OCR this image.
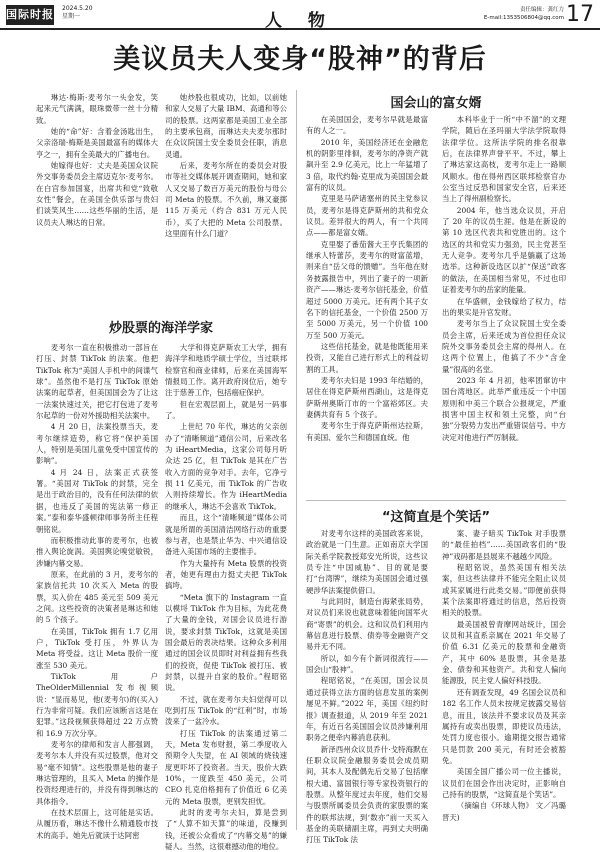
国际时报 2024.5.20
星期一	人 物
责任编辑：龚红力
E-mail:1353506804@qq.com 17
美议员夫人变身“股神”的背后
炒股票的海洋学家
国会山的富女婿
“这简直是个笑话”

琳达·梅斯·麦考尔一头金发，笑起来元气满满，眼珠微带一丝十分精致。

她的“命”好：含着金汤匙出生，父亲洛瑞·梅斯是美国最富有的媒体大亨之一，拥有全美最大的广播电台。

她嫁得也好：丈夫是美国众议院外交事务委员会主席迈克尔·麦考尔。在白宫参加国宴，出席共和党“致敬女性”餐会，在美国全供乐部与贵妇们谈笑风生……这些华丽的生活，是议员夫人琳达的日常。

她炒股也很成功，比如，以前她和家人交易了大量 IBM、高通和等公司的股票。这两家都是美国工业全部的主要承包商，而琳达夫夫麦尔那时在众议院国土安全委员会任职，消息灵通。

后来，麦考尔所在的委员会对股市等社交媒体展开调查期间，她和家人又交易了数百万美元的股份与母公司 Meta 的股票。不久前，琳又豪掷 115 万美元（约合 831 万元人民币），买了大把的 Meta 公司股票。这里面有什么门道？

麦考尔一直在积极推动一部旨在打压、封禁 TikTok 的法案。他把 TikTok 称为“美国人手机中的间谍气球”。虽然他不是打压 TikTok 原始法案的起草者，但美国国会为了让这一法案快速过关，把它打包进了麦考尔起草的一份对外援助相关法案中。

4 月 20 日，法案投票当天，麦考尔继续造势，称它将“保护美国人，特别是美国儿童免受中国宣传的影响”。

4 月 24 日，法案正式获签署。“美国对 TikTok 的封禁，完全是出于政治目的，没有任何法律的依据，也违反了美国的宪法第一修正案。”泰和泰华盛顿律师事务所主任程朝铭说。

而积极推动此事的麦考尔，也被推入舆论旋涡。美国舆论嗅觉敏锐，涉嫌内幕交易。

原来，在此前的 3 月，麦考尔的家族信托共 10 次买入 Meta 的股票，买入价在 485 美元至 509 美元之间。这些投资的决策者是琳达和她的 5 个孩子。

在美国，TikTok 拥有 1.7 亿用户，TikTok 受打压，外界认为 Meta 将受益。这让 Meta 股价一度涨至 530 美元。

TikTok 用户 TheOlderMillennial 发布视频说：“显而易见，他(麦考尔)的(买入)行为非常可疑。我们应该断言这是在犯罪。”这段视频获得超过 22 万点赞和 16.9 万次分享。

麦考尔的律师和发言人都强调，麦考尔本人并没有买过股票，他对交易“毫不知情”。这些股票是他的妻子琳达管理的，且买入 Meta 的操作是投资经理进行的，并没有得到琳达的具体指令。

在技术层面上，这可能是实话。从履历看，琳达不像什么精通股市技术的高手。她先后就读于达阿密

大学和得克萨斯农工大学，拥有海洋学和地质学硕士学位，当过联邦检察官和商业律师，后来在美国海军情报局工作。离开政府岗位后，她专注于慈善工作，包括癌症保护。

但在宏观层面上，就是另一码事了。

上世纪 70 年代，琳达的父亲创办了“清晰频道”通信公司，后来改名为 iHeartMedia，这家公司每月听众达 25 亿，但 TikTok 是其在广告收入方面的竞争对手。去年，它净亏损 11 亿美元，而 TikTok 的广告收入则持续增长。作为 iHeartMedia 的继承人，琳达不会喜欢 TikTok。

而且，这个“清晰频道”媒体公司就是所谓的美国清洁网络行动的重要参与者，也是禁止华为、中兴通信设备进入美国市场的主要推手。

作为大量持有 Meta 股票的投资者，她更有理由力挺丈夫把 TikTok 搞垮。

“Meta 旗下的 Instagram 一直以模埒 TikTok 作为目标，为此花费了大量的金钱，对国会议员进行游说，要求封禁 TikTok，这就是美国国会最后的表决结果。这种众多利用通过的国会议员即时对利益拥有些我们的投资，促使 TikTok 被打压、被封禁，以提升自家的股价。”程昭铭说。

不过，就在麦考尔夫妇觉得可以吃到打压 TikTok 的“红利”时，市场泼来了一盆冷水。

打压 TikTok 的法案通过第二天，Meta 发布财报，第二季度收入预期令人失望，在 AI 领域的烧钱速度更吓坏了投资者。当天，股价大跌 10%，一度跌至 450 美元，公司 CEO 扎克伯格拥有了价值近 6 亿美元的 Meta 股票，更别发担忧。

此时的麦考尔夫妇，算是尝到了“人算不如天算”的味道，没赚到钱，还被公众看成了“内幕交易”的嫌疑人。当然，这很难撼动他的地位。

在美国国会，麦考尔早就是最富有的人之一。

2010 年，美国经济还在金融危机的阴影里徘徊，麦考尔的净资产就飙升至 2.9 亿美元，比上一年猛增了 3 倍，取代约翰·克里成为美国国会最富有的议员。

克里是马萨诸塞州的民主党参议员，麦考尔是得克萨斯州的共和党众议员。差异很大的两人，有一个共同点——都是富女婿。

克里娶了番茄酱大王亨氏集团的继承人特蕾莎，麦考尔的财富蓝增，则来自“岳父母的馈赠”。当年他在财务披露报告中，列出了妻子的一项新资产——琳达·麦考尔信托基金，价值超过 5000 万美元。还有两个其子女名下的信托基金，一个价值 2500 万至 5000 万美元，另一个价值 100 万至 500 万美元。

这些信托基金，就是他既能用来投资，又能自己进行形式上的利益切割的工具。

麦考尔夫妇是 1993 年结婚的，居住在得克萨斯州西湖山，这是得克萨斯州奥斯汀市的一个富裕郊区。夫妻俩共育有 5 个孩子。

麦考尔生于得克萨斯州达拉斯，有美国、爱尔兰和德国血统。他

本科毕业于一所“中不溜”的文理学院，随后在圣玛丽大学法学院取得法律学位。这所法学院的排名很靠后，在法律界声誉平平。不过，攀上了琳达家这高枝，麦考尔走上一路顺风顺水。他在得州西区联邦检察官办公室当过反恐和国家安全官，后来还当上了得州副检察长。

2004 年，他当选众议员，开启了 20 年的议员生涯。他是在新设的第 10 选区代表共和党胜出的。这个选区的共和党实力强劲，民主党甚至无人竞争。麦考尔几乎是躺赢了这场选举。这种新设选区以扩“保送”政客的做法，在美国相当常见，不过也印证着麦考尔的岳家的能量。

在华盛顿，金钱嫁给了权力，结出的果实是升官发财。

麦考尔当上了众议院国土安全委员会主席，后来还成为首位担任众议院外交事务委员会主席的得州人。在这两个位置上，他搞了不少“含金量”很高的名堂。

2023 年 4 月初，他率团窜访中国台湾地区。此举严重违反一个中国原则和中美三个联合公报规定，严重损害中国主权和领土完整，向“台独”分裂势力发出严重错误信号。中方决定对他进行严厉制裁。

对麦考尔这样的美国政客来说，政治就是一门生意。正如南京大学国际关系学院教授郑安光所说，这些议员专注“中国威胁”、目的就是要打“台湾牌”，继续为美国国会通过强硬涉华法案提供借口。

与此同时，制造台海紧张局势，对议员们来说也就意味着能向国军火商“寄票”的机会。这和议员们利用内幕信息进行股票、债券等金融资产交易并无不同。

所以，如今有个新词很流行——国会山“股神”。

程昭铭说，“在美国，国会议员通过获得立法方面的信息发虽的案例屡见不鲜。”2022 年，美国《纽约时报》调查报道，从 2019 年至 2021 年，有近百名美国国会议员涉嫌利用职务之便牵内幕消息获利。

新泽西州众议员乔什·戈特海默在任职众议院金融服务委员会成员期间，其本人及配偶先后交易了包括摩根大通、富国银行等专家投资银行的股票。从整年度过去年度，他们交易与股票所属委员会负责的家股票的案件的联邦法规，到‘数亦”前一天买入基金的美联储副主席，再到丈夫明确打压 TikTok 法

案、妻子暗买 TikTok 对手股票的“最佳拍档”……美国政客们的“股神”戏码都是县展来不越越少风险。

程昭铭说，虽然美国有相关法案，但这些法律并不能完全阻止议员或其家属进行此类交易。”即便前获得某个法案即将通过的信息，然后投资相关的股票。

最美国被曾青摩网站统计，国会议员和其直系亲属在 2021 年交易了价值 6.31 亿美元的股票和金融资产，其中 60% 是股票，其余是基金、债券和其他资产。共和党人偏向能源股，民主党人偏好科技股。

还有调查发现，49 名国会议员和 182 名工作人员未按规定披露交易信息，而且，该法并不要求议员及其亲属持有或卖出股票，即使议员违法，处罚力度也很小。逾期提交报告通常只是罚款 200 美元，有时还会被豁免。

美国全国广播公司一位主播说，议员们在国会作出决定时，正影响自己持有的股票，“这简直是个笑话”。

（摘编自《环球人物》 文／冯璐 晋天)
